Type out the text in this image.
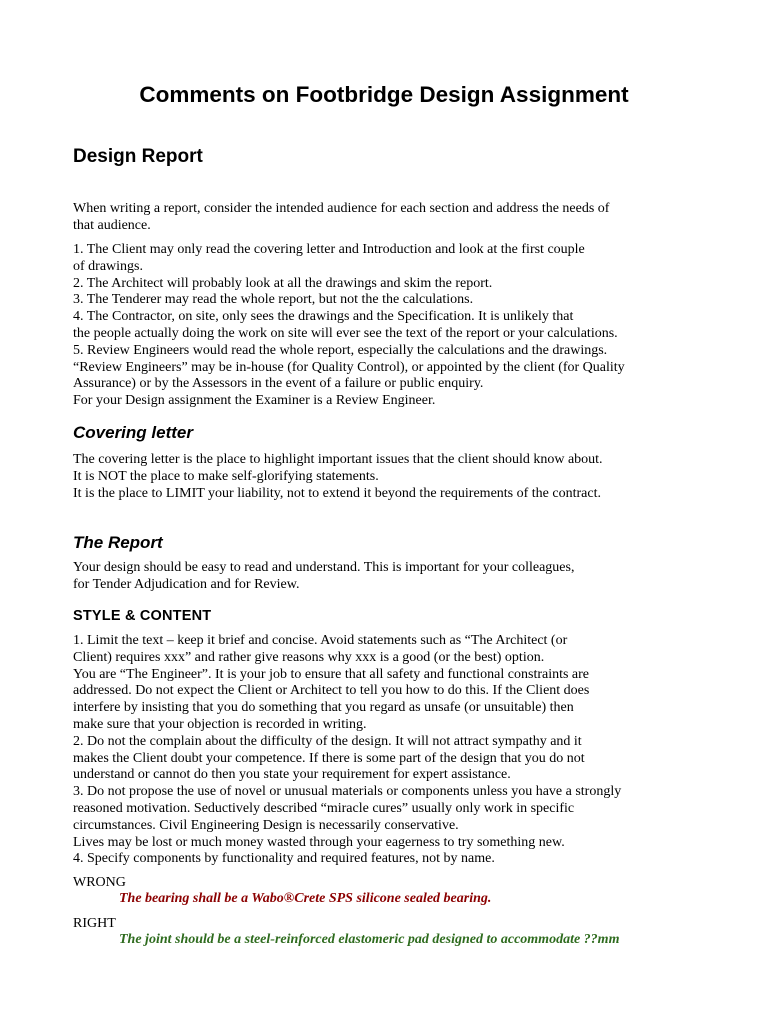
Comments on Footbridge Design Assignment
Design Report
When writing a report, consider the intended audience for each section and address the needs of
that audience.
1. The Client may only read the covering letter and Introduction and look at the first couple
of drawings.
2. The Architect will probably look at all the drawings and skim the report.
3. The Tenderer may read the whole report, but not the the calculations.
4. The Contractor, on site, only sees the drawings and the Specification. It is unlikely that
the people actually doing the work on site will ever see the text of the report or your calculations.
5. Review Engineers would read the whole report, especially the calculations and the drawings.
“Review Engineers” may be in-house (for Quality Control), or appointed by the client (for Quality
Assurance) or by the Assessors in the event of a failure or public enquiry.
For your Design assignment the Examiner is a Review Engineer.
Covering letter
The covering letter is the place to highlight important issues that the client should know about.
It is NOT the place to make self-glorifying statements.
It is the place to LIMIT your liability, not to extend it beyond the requirements of the contract.
The Report
Your design should be easy to read and understand. This is important for your colleagues,
for Tender Adjudication and for Review.
STYLE & CONTENT
1. Limit the text – keep it brief and concise. Avoid statements such as “The Architect (or
Client) requires xxx” and rather give reasons why xxx is a good (or the best) option.
You are “The Engineer”. It is your job to ensure that all safety and functional constraints are
addressed. Do not expect the Client or Architect to tell you how to do this. If the Client does
interfere by insisting that you do something that you regard as unsafe (or unsuitable) then
make sure that your objection is recorded in writing.
2. Do not the complain about the difficulty of the design. It will not attract sympathy and it
makes the Client doubt your competence. If there is some part of the design that you do not
understand or cannot do then you state your requirement for expert assistance.
3. Do not propose the use of novel or unusual materials or components unless you have a strongly
reasoned motivation. Seductively described “miracle cures” usually only work in specific
circumstances. Civil Engineering Design is necessarily conservative.
Lives may be lost or much money wasted through your eagerness to try something new.
4. Specify components by functionality and required features, not by name.
WRONG
The bearing shall be a Wabo®Crete SPS silicone sealed bearing.
RIGHT
The joint should be a steel-reinforced elastomeric pad designed to accommodate ??mm
